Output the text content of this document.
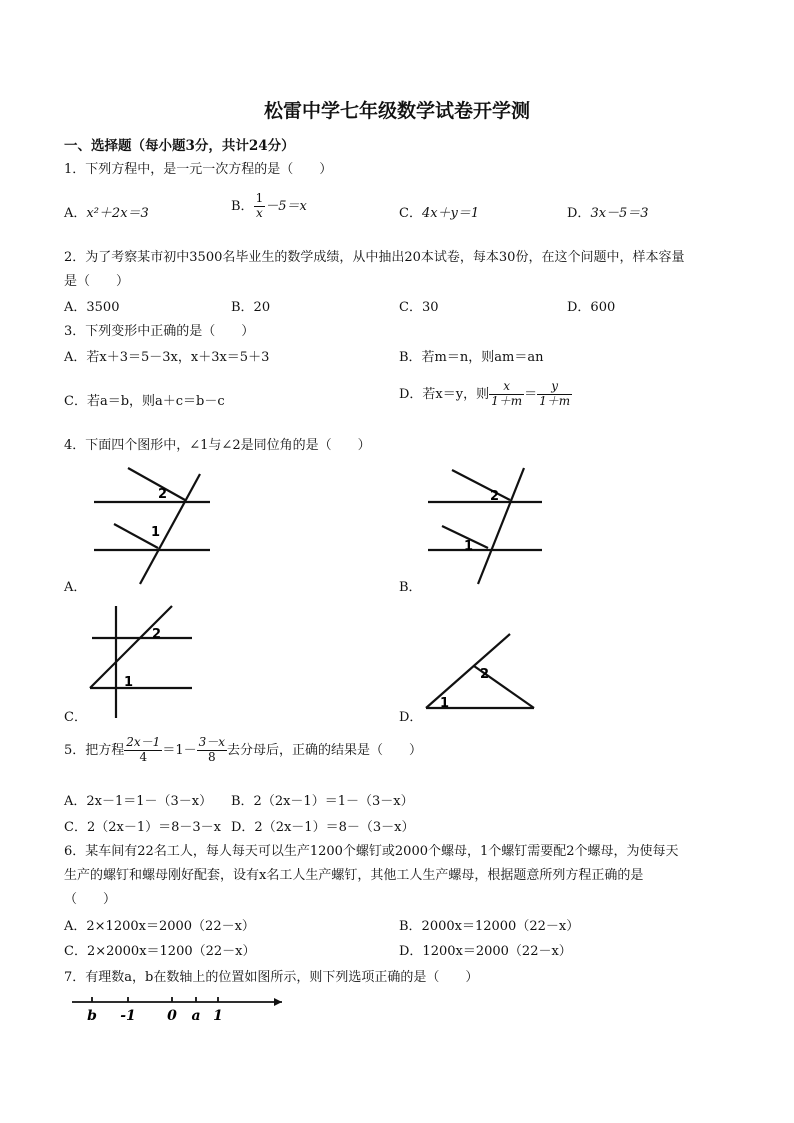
松雷中学七年级数学试卷开学测
一、选择题（每小题3分，共计24分）
1．下列方程中，是一元一次方程的是（　　）
A．x²＋2x＝3	B． $\frac{1}{x} -5=x$	C．4x＋y＝1	D．3x－5＝3
2．为了考察某市初中3500名毕业生的数学成绩，从中抽出20本试卷，每本30份，在这个问题中，样本容量
是（　　）
A．3500	B．20	C．30	D．600
3．下列变形中正确的是（　　）
A．若x＋3＝5－3x，x＋3x＝5＋3	B．若m＝n，则am＝an
C．若a＝b，则a＋c＝b－c	D．若x＝y，则 $\frac{x}{1+m} = \frac{y}{1+m}$
4．下面四个图形中，∠1与∠2是同位角的是（　　）
2
1
A．
2
1
B．
2
1
C．
2
1
D．
5．把方程 $\frac{2x-1}{4} =1- \frac{3-x}{8}$ 去分母后，正确的结果是（　　）
A．2x－1＝1－（3－x） B．2（2x－1）＝1－（3－x）
C．2（2x－1）＝8－3－x D．2（2x－1）＝8－（3－x）
6．某车间有22名工人，每人每天可以生产1200个螺钉或2000个螺母，1个螺钉需要配2个螺母，为使每天
生产的螺钉和螺母刚好配套，设有x名工人生产螺钉，其他工人生产螺母，根据题意所列方程正确的是
（　　）
A．2×1200x＝2000（22－x）	B．2000x＝12000（22－x）
C．2×2000x＝1200（22－x）	D．1200x＝2000（22－x）
7．有理数a，b在数轴上的位置如图所示，则下列选项正确的是（　　）
b -1 0 a 1
